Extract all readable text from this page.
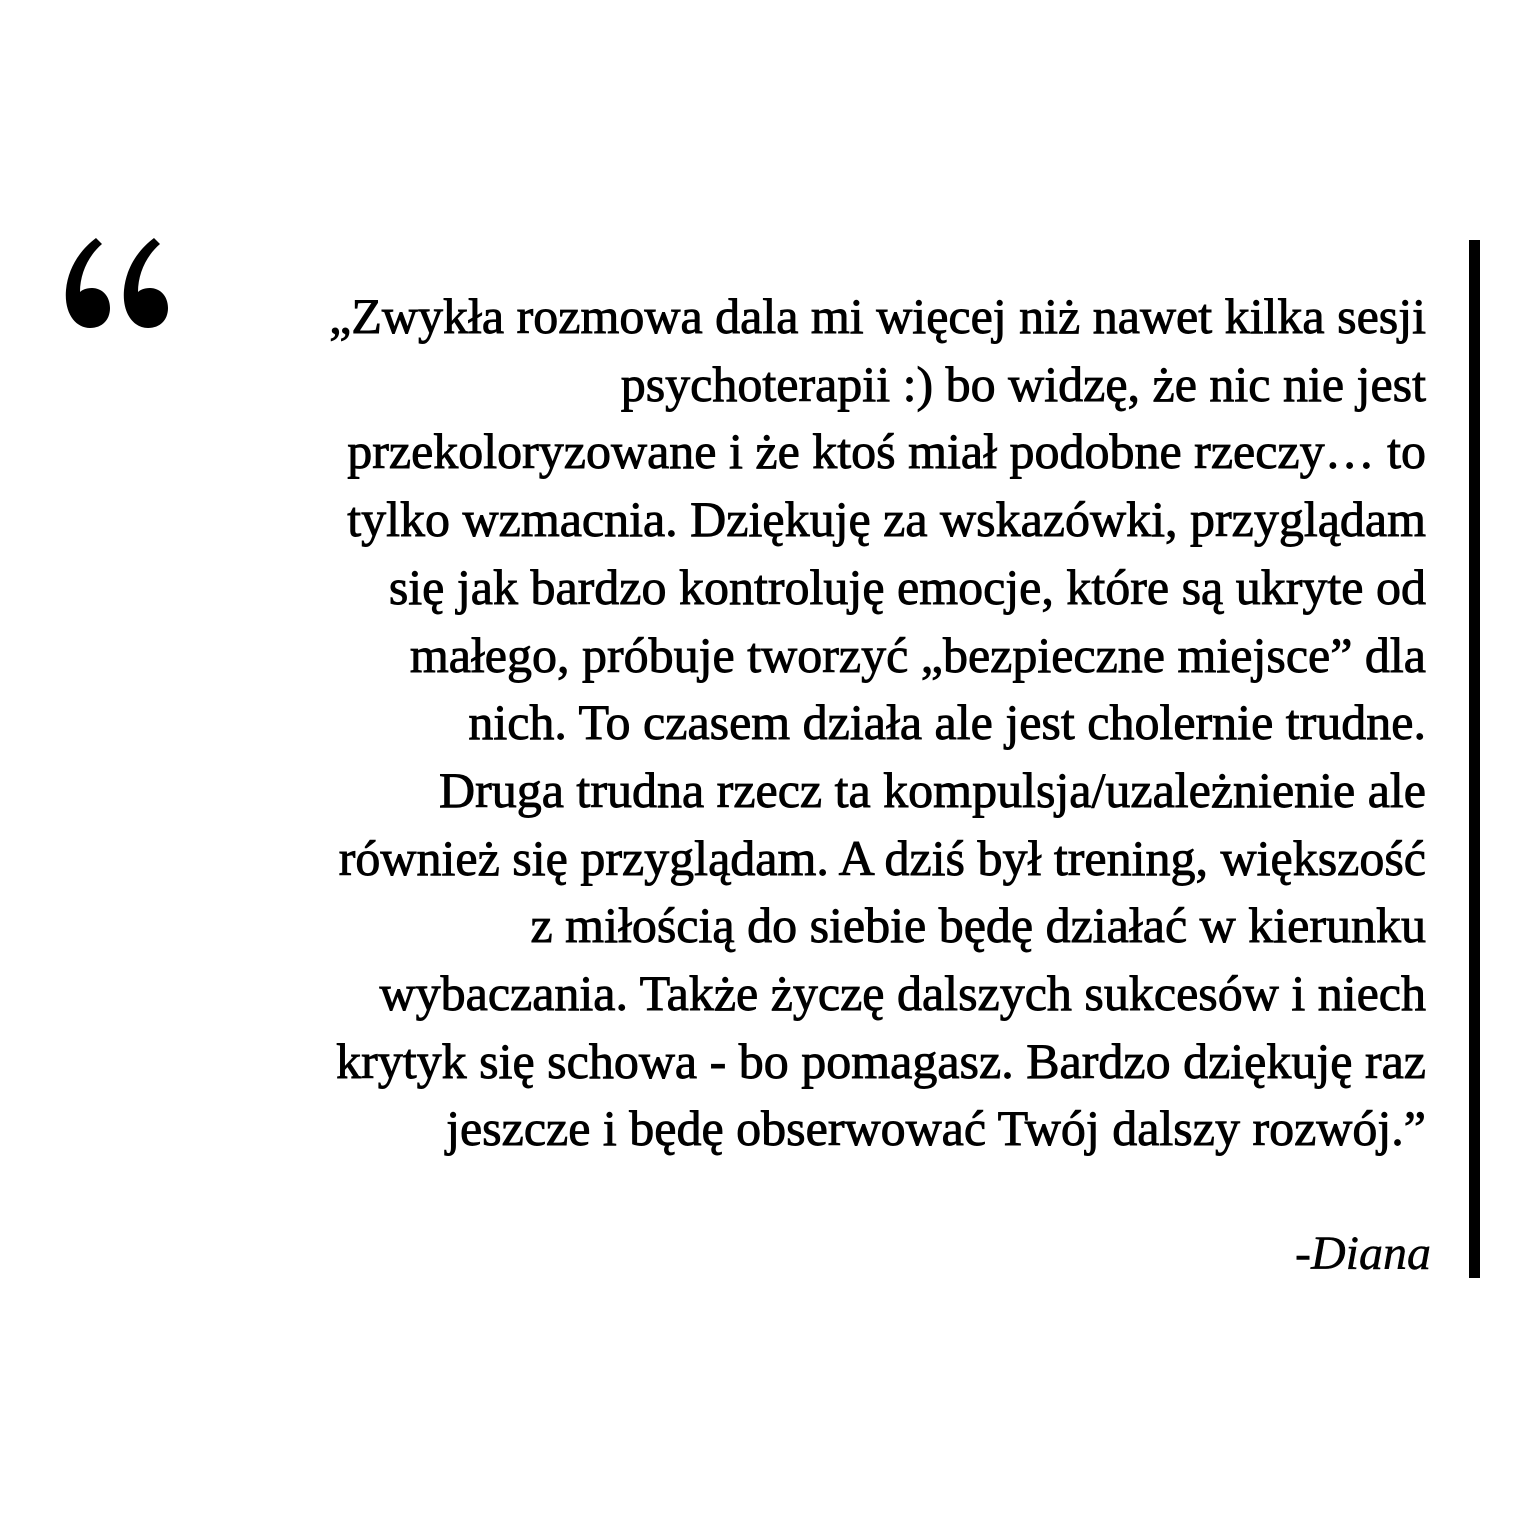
„Zwykła rozmowa dala mi więcej niż nawet kilka sesji
psychoterapii :) bo widzę, że nic nie jest
przekoloryzowane i że ktoś miał podobne rzeczy… to
tylko wzmacnia. Dziękuję za wskazówki, przyglądam
się jak bardzo kontroluję emocje, które są ukryte od
małego, próbuje tworzyć „bezpieczne miejsce” dla
nich. To czasem działa ale jest cholernie trudne.
Druga trudna rzecz ta kompulsja/uzależnienie ale
również się przyglądam. A dziś był trening, większość
z miłością do siebie będę działać w kierunku
wybaczania. Także życzę dalszych sukcesów i niech
krytyk się schowa - bo pomagasz. Bardzo dziękuję raz
jeszcze i będę obserwować Twój dalszy rozwój.”
-Diana
